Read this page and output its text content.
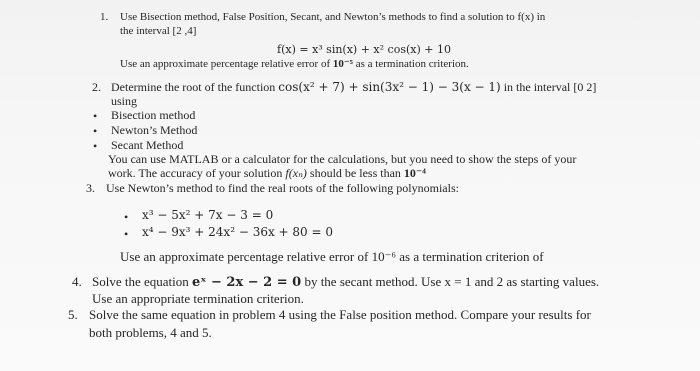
1. Use Bisection method, False Position, Secant, and Newton’s methods to find a solution to f(x) in
the interval [2 ,4]
f(x) = x³ sin(x) + x² cos(x) + 10
Use an approximate percentage relative error of 10⁻⁵ as a termination criterion.
2. Determine the root of the function cos(x² + 7) + sin(3x² − 1) − 3(x − 1) in the interval [0 2]
using
• Bisection method
• Newton’s Method
• Secant Method
You can use MATLAB or a calculator for the calculations, but you need to show the steps of your
work. The accuracy of your solution f(xₙ) should be less than 10⁻⁴
3. Use Newton’s method to find the real roots of the following polynomials:
• x³ − 5x² + 7x − 3 = 0
• x⁴ − 9x³ + 24x² − 36x + 80 = 0
Use an approximate percentage relative error of 10⁻⁶ as a termination criterion of
4. Solve the equation eˣ − 2x − 2 = 0 by the secant method. Use x = 1 and 2 as starting values.
Use an appropriate termination criterion.
5. Solve the same equation in problem 4 using the False position method. Compare your results for
both problems, 4 and 5.
